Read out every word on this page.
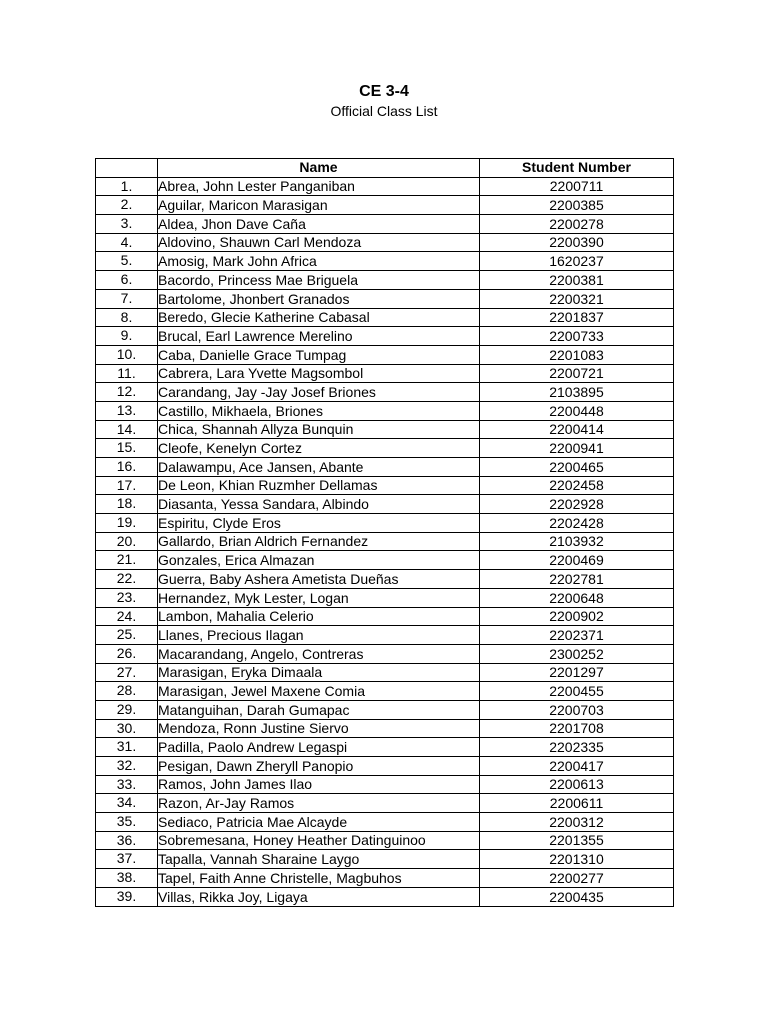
CE 3-4
Official Class List
	Name	Student Number
1.	Abrea, John Lester Panganiban	2200711
2.	Aguilar, Maricon Marasigan	2200385
3.	Aldea, Jhon Dave Caña	2200278
4.	Aldovino, Shauwn Carl Mendoza	2200390
5.	Amosig, Mark John Africa	1620237
6.	Bacordo, Princess Mae Briguela	2200381
7.	Bartolome, Jhonbert Granados	2200321
8.	Beredo, Glecie Katherine Cabasal	2201837
9.	Brucal, Earl Lawrence Merelino	2200733
10.	Caba, Danielle Grace Tumpag	2201083
11.	Cabrera, Lara Yvette Magsombol	2200721
12.	Carandang, Jay -Jay Josef Briones	2103895
13.	Castillo, Mikhaela, Briones	2200448
14.	Chica, Shannah Allyza Bunquin	2200414
15.	Cleofe, Kenelyn Cortez	2200941
16.	Dalawampu, Ace Jansen, Abante	2200465
17.	De Leon, Khian Ruzmher Dellamas	2202458
18.	Diasanta, Yessa Sandara, Albindo	2202928
19.	Espiritu, Clyde Eros	2202428
20.	Gallardo, Brian Aldrich Fernandez	2103932
21.	Gonzales, Erica Almazan	2200469
22.	Guerra, Baby Ashera Ametista Dueñas	2202781
23.	Hernandez, Myk Lester, Logan	2200648
24.	Lambon, Mahalia Celerio	2200902
25.	Llanes, Precious Ilagan	2202371
26.	Macarandang, Angelo, Contreras	2300252
27.	Marasigan, Eryka Dimaala	2201297
28.	Marasigan, Jewel Maxene Comia	2200455
29.	Matanguihan, Darah Gumapac	2200703
30.	Mendoza, Ronn Justine Siervo	2201708
31.	Padilla, Paolo Andrew Legaspi	2202335
32.	Pesigan, Dawn Zheryll Panopio	2200417
33.	Ramos, John James Ilao	2200613
34.	Razon, Ar-Jay Ramos	2200611
35.	Sediaco, Patricia Mae Alcayde	2200312
36.	Sobremesana, Honey Heather Datinguinoo	2201355
37.	Tapalla, Vannah Sharaine Laygo	2201310
38.	Tapel, Faith Anne Christelle, Magbuhos	2200277
39.	Villas, Rikka Joy, Ligaya	2200435
